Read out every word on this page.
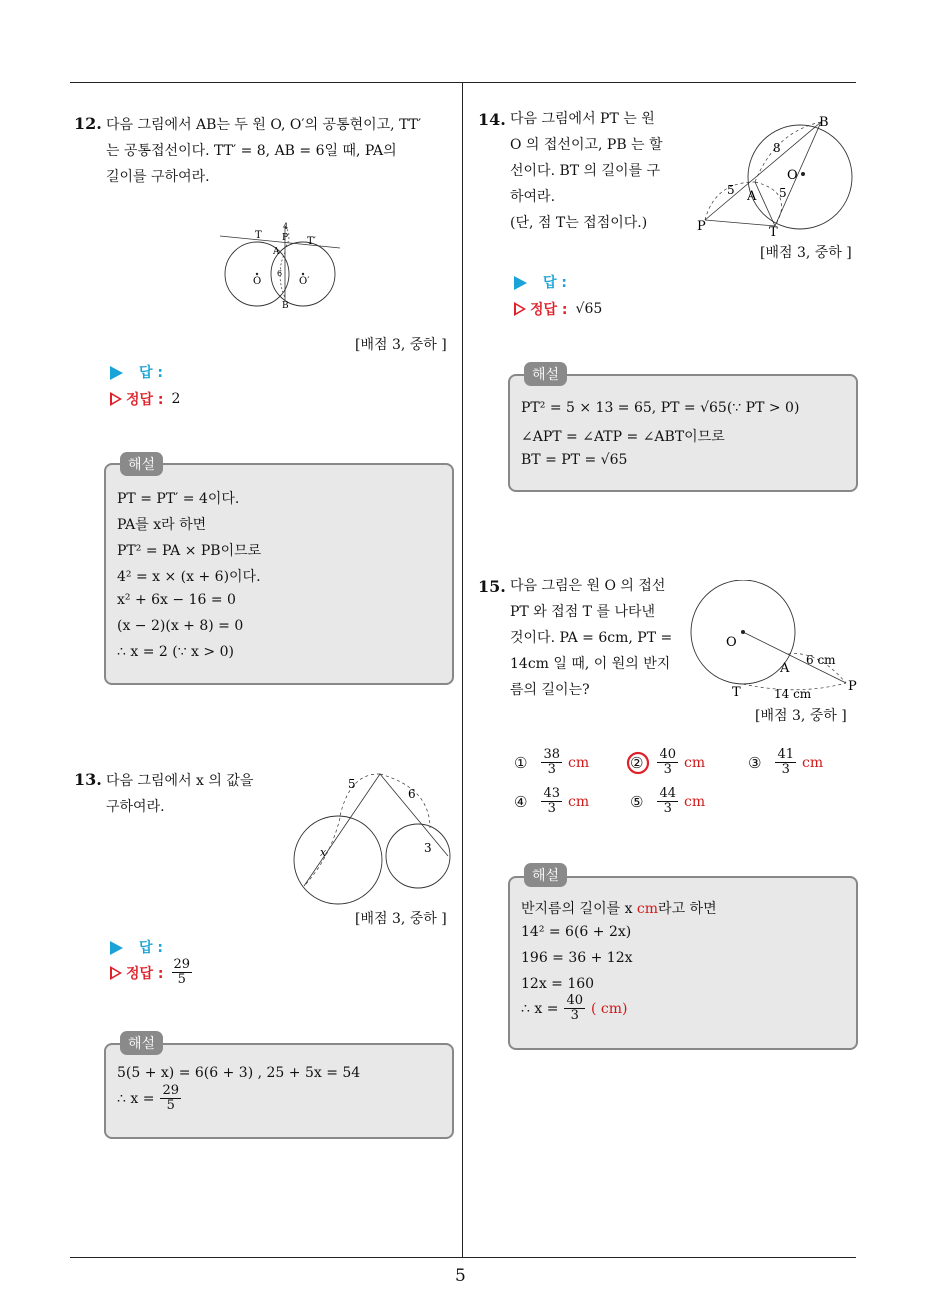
5
12. 다음 그림에서 AB는 두 원 O, O′의 공통현이고, TT′
는 공통접선이다. TT′ = 8, AB = 6일 때, PA의
길이를 구하여라.
T P T′
4
A
6
O	O′
B
[배점 3, 중하 ]
답 :
정답 : 2
해설
PT = PT′ = 4이다.
PA를 x라 하면
PT² = PA × PB이므로
4² = x × (x + 6)이다.
x² + 6x − 16 = 0
(x − 2)(x + 8) = 0
∴ x = 2 (∵ x > 0)
13. 다음 그림에서 x 의 값을
구하여라.
5
6
3
x
[배점 3, 중하 ]
답 :
정답 : $\frac{29}{5}$
해설
5(5 + x) = 6(6 + 3) , 25 + 5x = 54
∴ $x = \frac{29}{5}$
14. 다음 그림에서 PT 는 원
O 의 접선이고, PB 는 할
선이다. BT 의 길이를 구
하여라.
(단, 점 T는 접점이다.)
B
8
O
5	5
A
P	T
[배점 3, 중하 ]
답 :
정답 : √65
해설
PT² = 5 × 13 = 65, PT = √65(∵ PT > 0)
∠APT = ∠ATP = ∠ABT이므로
BT = PT = √65
15. 다음 그림은 원 O 의 접선
PT 와 접점 T 를 나타낸
것이다. PA = 6cm, PT =
14cm 일 때, 이 원의 반지
름의 길이는?
O
6 cm
A
P
T	14 cm
[배점 3, 중하 ]
① $\frac{38}{3}$ cm	② $\frac{40}{3}$ cm	③ $\frac{41}{3}$ cm
④ $\frac{43}{3}$ cm	⑤ $\frac{44}{3}$ cm
해설
반지름의 길이를 x cm라고 하면
14² = 6(6 + 2x)
196 = 36 + 12x
12x = 160
∴ $x = \frac{40}{3}$ ( cm)
